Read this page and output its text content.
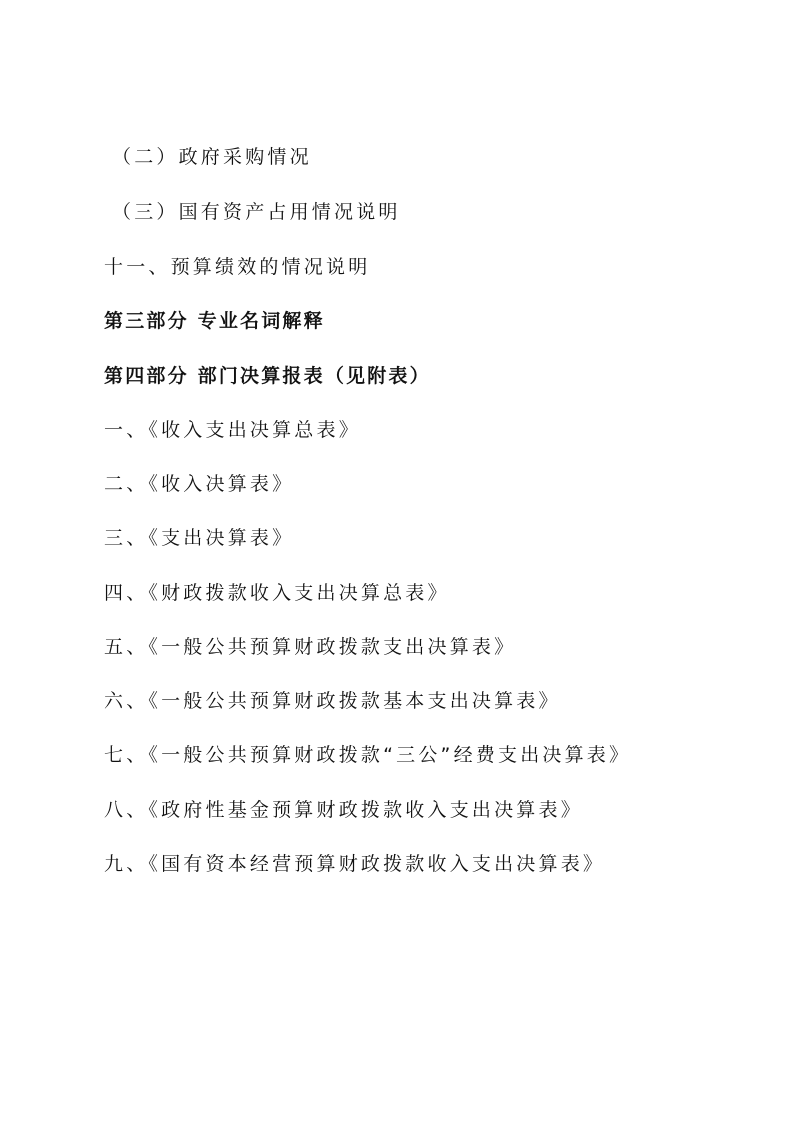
（二）政府采购情况
（三）国有资产占用情况说明
十一、预算绩效的情况说明
第三部分 专业名词解释
第四部分 部门决算报表（见附表）
一、《收入支出决算总表》
二、《收入决算表》
三、《支出决算表》
四、《财政拨款收入支出决算总表》
五、《一般公共预算财政拨款支出决算表》
六、《一般公共预算财政拨款基本支出决算表》
七、《一般公共预算财政拨款“三公”经费支出决算表》
八、《政府性基金预算财政拨款收入支出决算表》
九、《国有资本经营预算财政拨款收入支出决算表》
